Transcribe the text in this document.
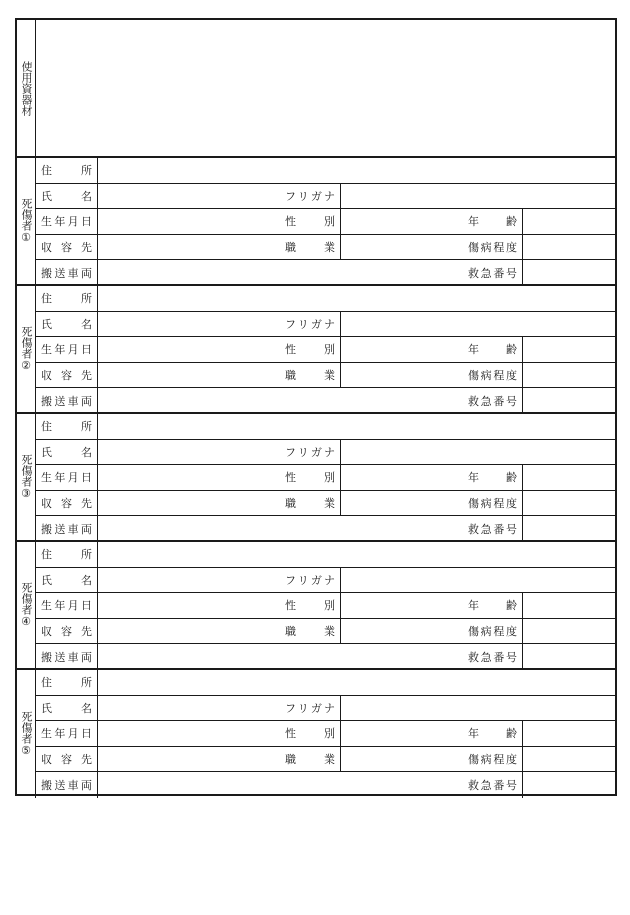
使用資器材
死傷者
①
住　所
氏　名	フリガナ
生年月日	性　別	年　齢
収容先	職　業	傷病程度
搬送車両	救急番号
死傷者
②
住　所
氏　名	フリガナ
生年月日	性　別	年　齢
収容先	職　業	傷病程度
搬送車両	救急番号
死傷者
③
住　所
氏　名	フリガナ
生年月日	性　別	年　齢
収容先	職　業	傷病程度
搬送車両	救急番号
死傷者
④
住　所
氏　名	フリガナ
生年月日	性　別	年　齢
収容先	職　業	傷病程度
搬送車両	救急番号
死傷者
⑤
住　所
氏　名	フリガナ
生年月日	性　別	年　齢
収容先	職　業	傷病程度
搬送車両	救急番号
